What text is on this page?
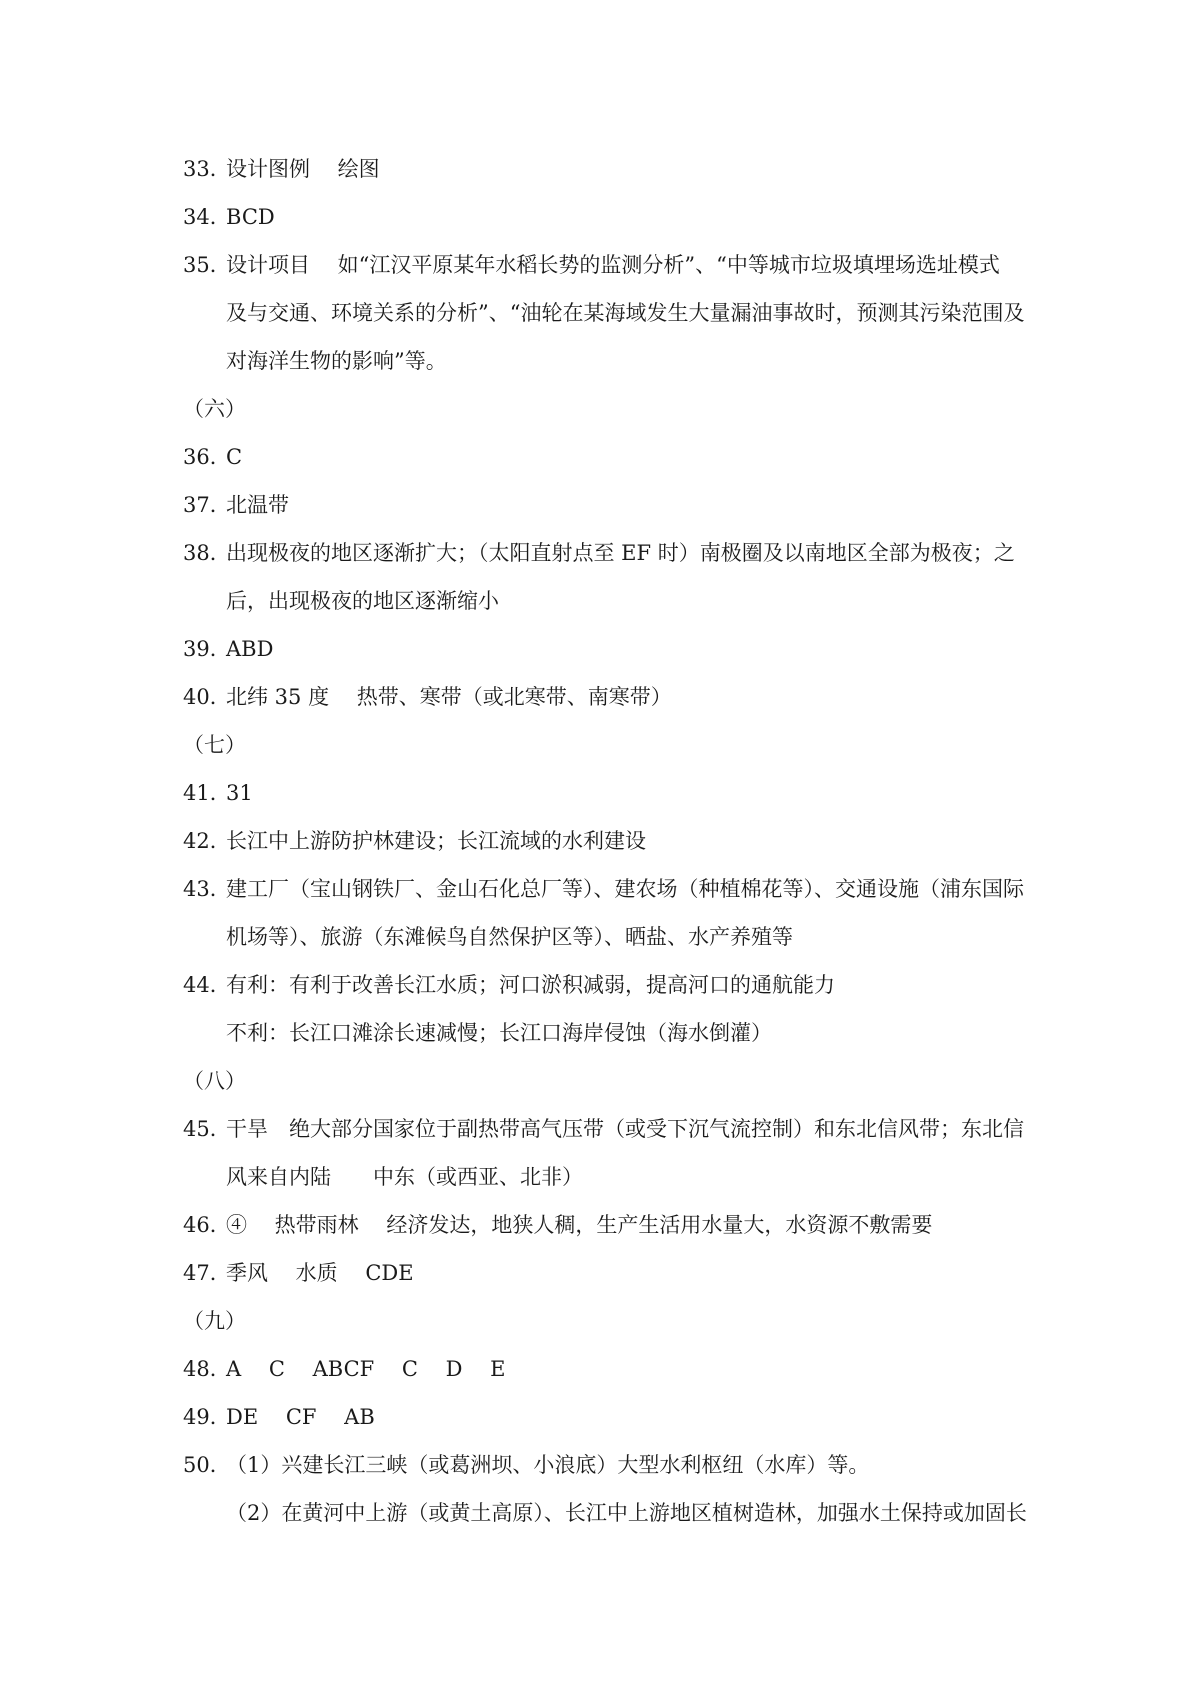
33．
设计图例　 绘图
34．
BCD
35．
设计项目　 如“江汉平原某年水稻长势的监测分析”、“中等城市垃圾填埋场选址模式
及与交通、环境关系的分析”、“油轮在某海域发生大量漏油事故时，预测其污染范围及
对海洋生物的影响”等。
（六）
36．
C
37．
北温带
38．
出现极夜的地区逐渐扩大；（太阳直射点至 EF 时）南极圈及以南地区全部为极夜；之
后，出现极夜的地区逐渐缩小
39．
ABD
40．
北纬 35 度　 热带、寒带（或北寒带、南寒带）
（七）
41．
31
42．
长江中上游防护林建设；长江流域的水利建设
43．
建工厂（宝山钢铁厂、金山石化总厂等）、建农场（种植棉花等）、交通设施（浦东国际
机场等）、旅游（东滩候鸟自然保护区等）、晒盐、水产养殖等
44．
有利：有利于改善长江水质；河口淤积减弱，提高河口的通航能力
不利：长江口滩涂长速减慢；长江口海岸侵蚀（海水倒灌）
（八）
45．
干旱　绝大部分国家位于副热带高气压带（或受下沉气流控制）和东北信风带；东北信
风来自内陆　　中东（或西亚、北非）
46．
④　 热带雨林　 经济发达，地狭人稠，生产生活用水量大，水资源不敷需要
47．
季风　 水质　 CDE
（九）
48．
A　 C　 ABCF　 C　 D　 E
49．
DE　 CF　 AB
50．
（1）兴建长江三峡（或葛洲坝、小浪底）大型水利枢纽（水库）等。
（2）在黄河中上游（或黄土高原）、长江中上游地区植树造林，加强水土保持或加固长
